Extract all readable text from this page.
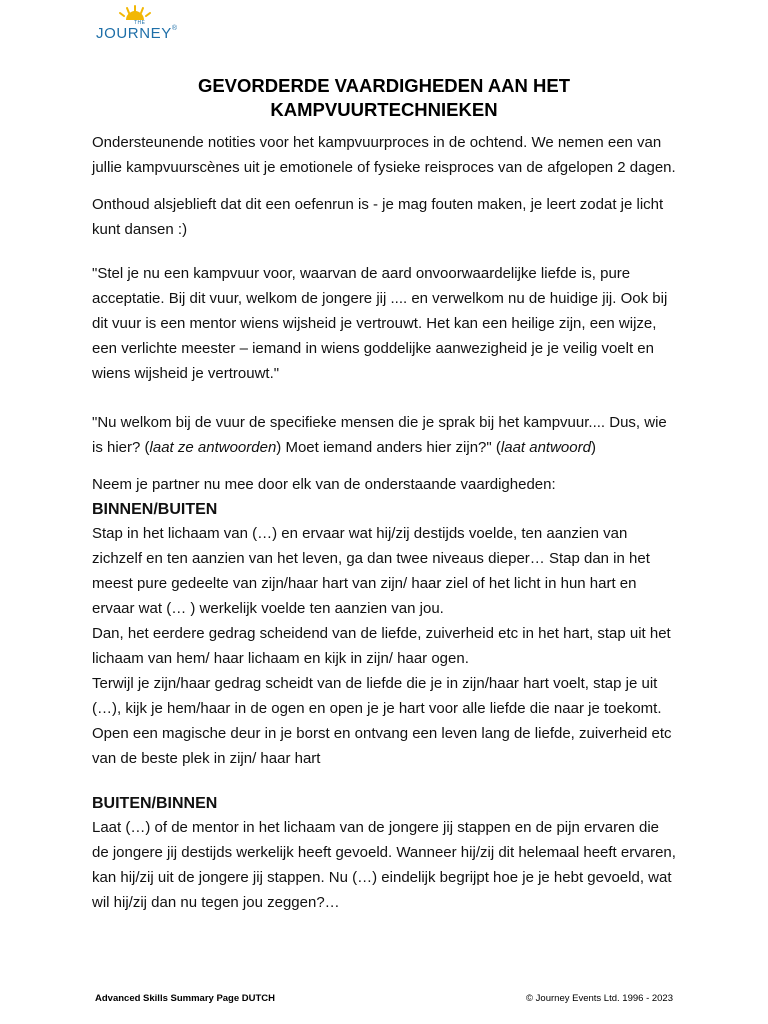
THE
JOURNEY®
GEVORDERDE VAARDIGHEDEN AAN HET
KAMPVUURTECHNIEKEN

Ondersteunende notities voor het kampvuurproces in de ochtend. We nemen een van jullie kampvuurscènes uit je emotionele of fysieke reisproces van de afgelopen 2 dagen.

Onthoud alsjeblieft dat dit een oefenrun is - je mag fouten maken, je leert zodat je licht kunt dansen :)

"Stel je nu een kampvuur voor, waarvan de aard onvoorwaardelijke liefde is, pure acceptatie. Bij dit vuur, welkom de jongere jij .... en verwelkom nu de huidige jij. Ook bij dit vuur is een mentor wiens wijsheid je vertrouwt. Het kan een heilige zijn, een wijze, een verlichte meester – iemand in wiens goddelijke aanwezigheid je je veilig voelt en wiens wijsheid je vertrouwt."

"Nu welkom bij de vuur de specifieke mensen die je sprak bij het kampvuur.... Dus, wie is hier? (laat ze antwoorden) Moet iemand anders hier zijn?" (laat antwoord)

Neem je partner nu mee door elk van de onderstaande vaardigheden:

BINNEN/BUITEN

Stap in het lichaam van (…) en ervaar wat hij/zij destijds voelde, ten aanzien van zichzelf en ten aanzien van het leven, ga dan twee niveaus dieper… Stap dan in het meest pure gedeelte van zijn/haar hart van zijn/ haar ziel of het licht in hun hart en ervaar wat (… ) werkelijk voelde ten aanzien van jou.

Dan, het eerdere gedrag scheidend van de liefde, zuiverheid etc in het hart, stap uit het lichaam van hem/ haar lichaam en kijk in zijn/ haar ogen.

Terwijl je zijn/haar gedrag scheidt van de liefde die je in zijn/haar hart voelt, stap je uit (…), kijk je hem/haar in de ogen en open je je hart voor alle liefde die naar je toekomt. Open een magische deur in je borst en ontvang een leven lang de liefde, zuiverheid etc van de beste plek in zijn/ haar hart

BUITEN/BINNEN

Laat (…) of de mentor in het lichaam van de jongere jij stappen en de pijn ervaren die de jongere jij destijds werkelijk heeft gevoeld. Wanneer hij/zij dit helemaal heeft ervaren, kan hij/zij uit de jongere jij stappen. Nu (…) eindelijk begrijpt hoe je je hebt gevoeld, wat wil hij/zij dan nu tegen jou zeggen?…

Advanced Skills Summary Page DUTCH	© Journey Events Ltd. 1996 - 2023
